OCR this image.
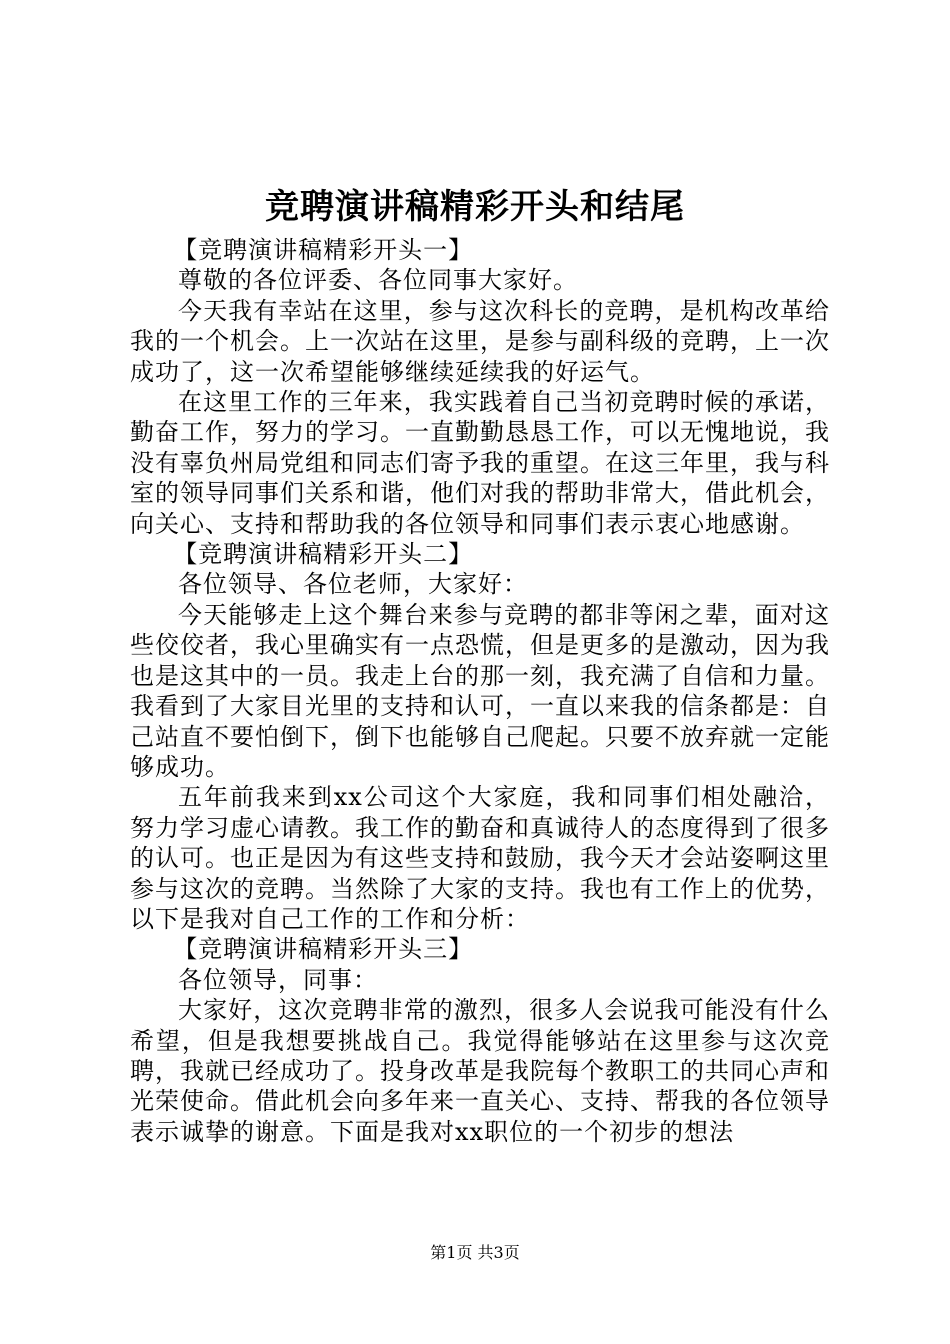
竞聘演讲稿精彩开头和结尾

【竞聘演讲稿精彩开头一】

尊敬的各位评委、各位同事大家好。

今天我有幸站在这里，参与这次科长的竞聘，是机构改革给我的一个机会。上一次站在这里，是参与副科级的竞聘，上一次成功了，这一次希望能够继续延续我的好运气。

在这里工作的三年来，我实践着自己当初竞聘时候的承诺，勤奋工作，努力的学习。一直勤勤恳恳工作，可以无愧地说，我没有辜负州局党组和同志们寄予我的重望。在这三年里，我与科室的领导同事们关系和谐，他们对我的帮助非常大，借此机会，向关心、支持和帮助我的各位领导和同事们表示衷心地感谢。

【竞聘演讲稿精彩开头二】

各位领导、各位老师，大家好：

今天能够走上这个舞台来参与竞聘的都非等闲之辈，面对这些佼佼者，我心里确实有一点恐慌，但是更多的是激动，因为我也是这其中的一员。我走上台的那一刻，我充满了自信和力量。我看到了大家目光里的支持和认可，一直以来我的信条都是：自己站直不要怕倒下，倒下也能够自己爬起。只要不放弃就一定能够成功。

五年前我来到xx公司这个大家庭，我和同事们相处融洽，努力学习虚心请教。我工作的勤奋和真诚待人的态度得到了很多的认可。也正是因为有这些支持和鼓励，我今天才会站姿啊这里参与这次的竞聘。当然除了大家的支持。我也有工作上的优势，以下是我对自己工作的工作和分析：

【竞聘演讲稿精彩开头三】

各位领导，同事：

大家好，这次竞聘非常的激烈，很多人会说我可能没有什么希望，但是我想要挑战自己。我觉得能够站在这里参与这次竞聘，我就已经成功了。投身改革是我院每个教职工的共同心声和光荣使命。借此机会向多年来一直关心、支持、帮我的各位领导表示诚挚的谢意。下面是我对xx职位的一个初步的想法

第1页 共3页
